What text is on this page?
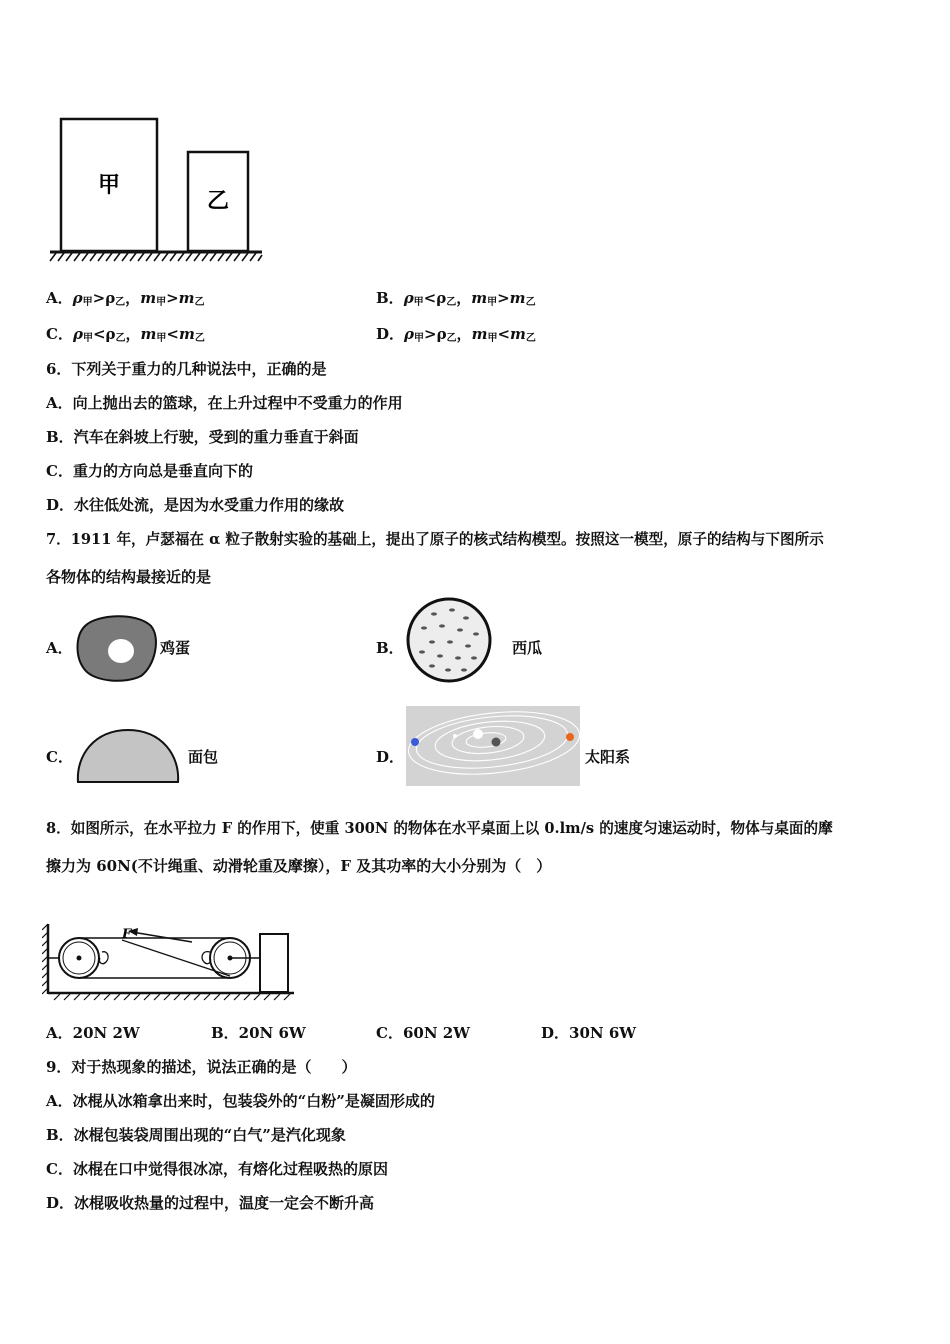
甲
乙
A．$\rho_甲>\rho_乙$，$m_甲>m_乙$	B．$\rho_甲<\rho_乙$，$m_甲>m_乙$
C．$\rho_甲<\rho_乙$，$m_甲<m_乙$	D．$\rho_甲>\rho_乙$，$m_甲<m_乙$
6．下列关于重力的几种说法中，正确的是
A．向上抛出去的篮球，在上升过程中不受重力的作用
B．汽车在斜坡上行驶，受到的重力垂直于斜面
C．重力的方向总是垂直向下的
D．水往低处流，是因为水受重力作用的缘故
7．1911 年，卢瑟福在 α 粒子散射实验的基础上，提出了原子的核式结构模型。按照这一模型，原子的结构与下图所示
各物体的结构最接近的是
A．	鸡蛋	B．	西瓜
C．	面包	D．	太阳系
8．如图所示，在水平拉力 F 的作用下，使重 300N 的物体在水平桌面上以 0.lm/s 的速度匀速运动时，物体与桌面的摩
擦力为 60N(不计绳重、动滑轮重及摩擦），F 及其功率的大小分别为（　）
F
A．20N 2W	B．20N 6W	C．60N 2W	D．30N 6W
9．对于热现象的描述，说法正确的是（　　）
A．冰棍从冰箱拿出来时，包装袋外的“白粉”是凝固形成的
B．冰棍包装袋周围出现的“白气”是汽化现象
C．冰棍在口中觉得很冰凉，有熔化过程吸热的原因
D．冰棍吸收热量的过程中，温度一定会不断升高
